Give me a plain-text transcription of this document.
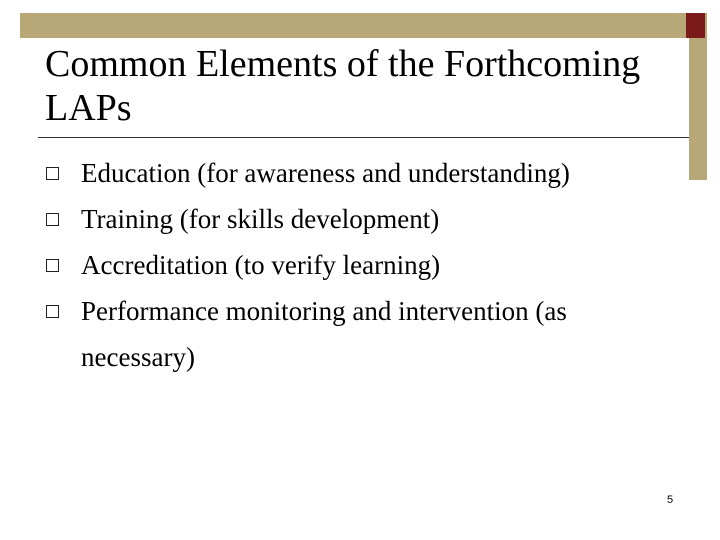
Common Elements of the Forthcoming LAPs
Education (for awareness and understanding)
Training (for skills development)
Accreditation (to verify learning)
Performance monitoring and intervention (as necessary)
5
